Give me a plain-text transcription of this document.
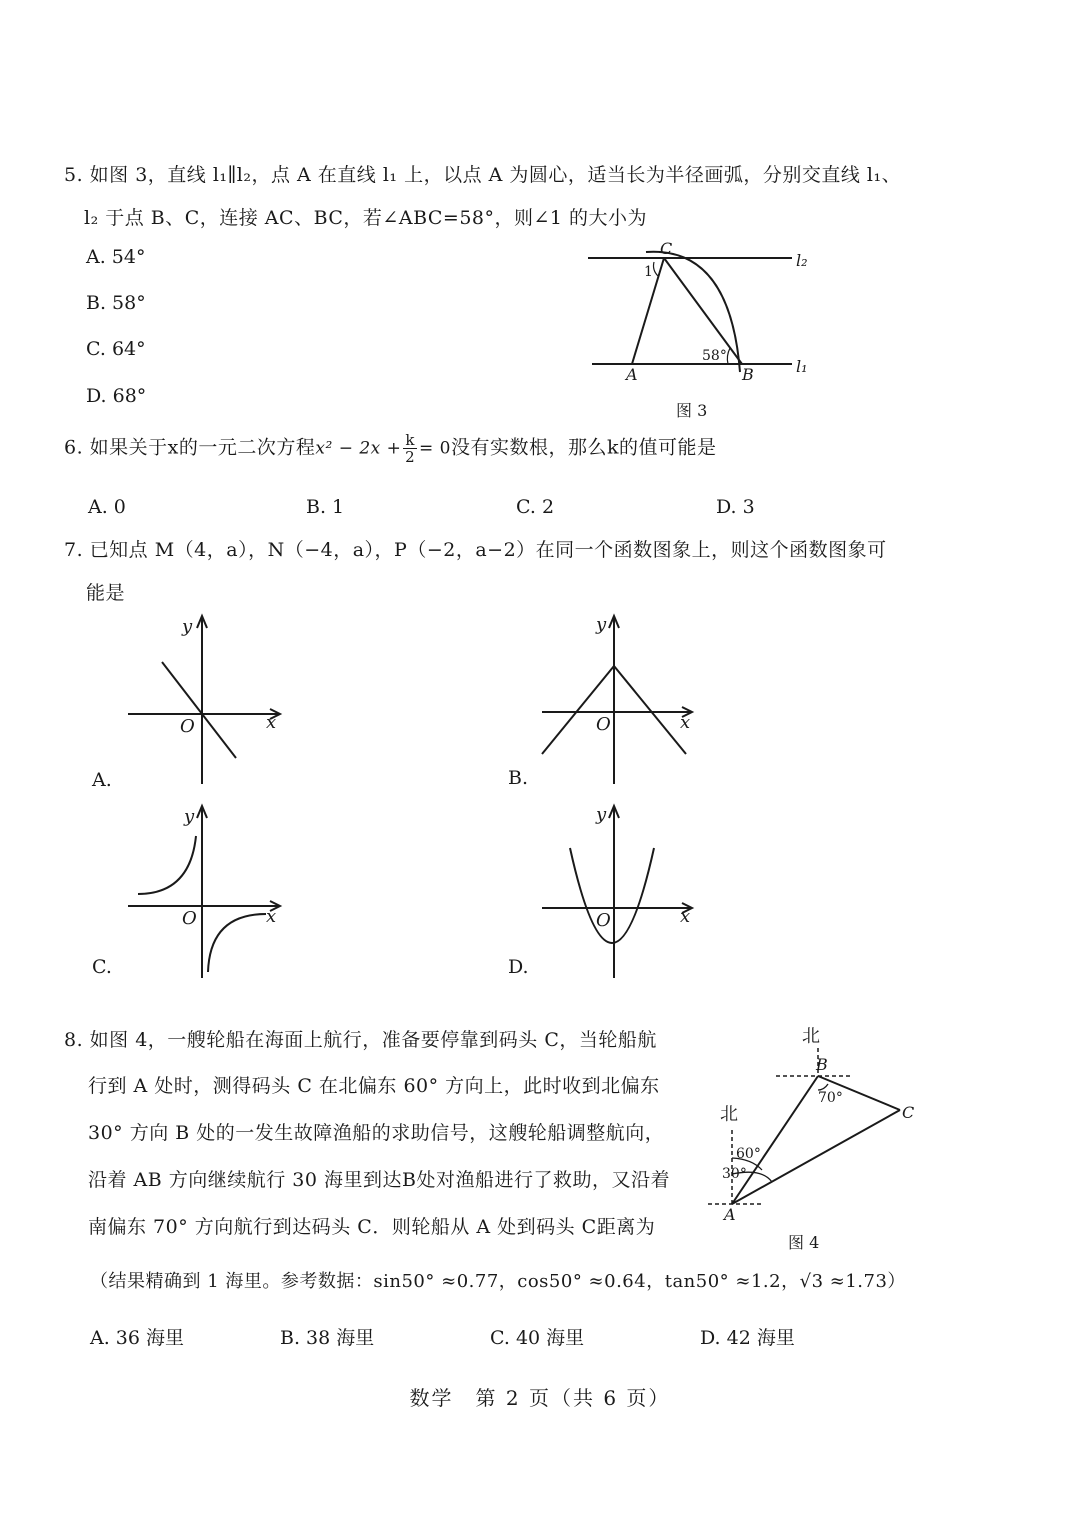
5. 如图 3，直线 l₁∥l₂，点 A 在直线 l₁ 上，以点 A 为圆心，适当长为半径画弧，分别交直线 l₁、
l₂ 于点 B、C，连接 AC、BC，若∠ABC=58°，则∠1 的大小为
A. 54°
B. 58°
C. 64°
D. 68°
C
1
l₂
l₁
58°
A	B
图 3
6. 如果关于x的一元二次方程$x^2 - 2x + \frac{k}{2} = 0$没有实数根，那么k的值可能是
A. 0	B. 1	C. 2	D. 3
7. 已知点 M（4，a），N（−4，a），P（−2，a−2）在同一个函数图象上，则这个函数图象可
能是
y
x
O
A.
y
x
O
B.
y
x
O
C.
y
x
O
D.
8. 如图 4，一艘轮船在海面上航行，准备要停靠到码头 C，当轮船航
行到 A 处时，测得码头 C 在北偏东 60° 方向上，此时收到北偏东
30° 方向 B 处的一发生故障渔船的求助信号，这艘轮船调整航向，
沿着 AB 方向继续航行 30 海里到达B处对渔船进行了救助，又沿着
南偏东 70° 方向航行到达码头 C．则轮船从 A 处到码头 C距离为
（结果精确到 1 海里。参考数据：sin50° ≈0.77，cos50° ≈0.64，tan50° ≈1.2，√3 ≈1.73）
北
北
B
70°
C
60°
30°
A
图 4
A. 36 海里	B. 38 海里	C. 40 海里	D. 42 海里
数学　第 2 页（共 6 页）
